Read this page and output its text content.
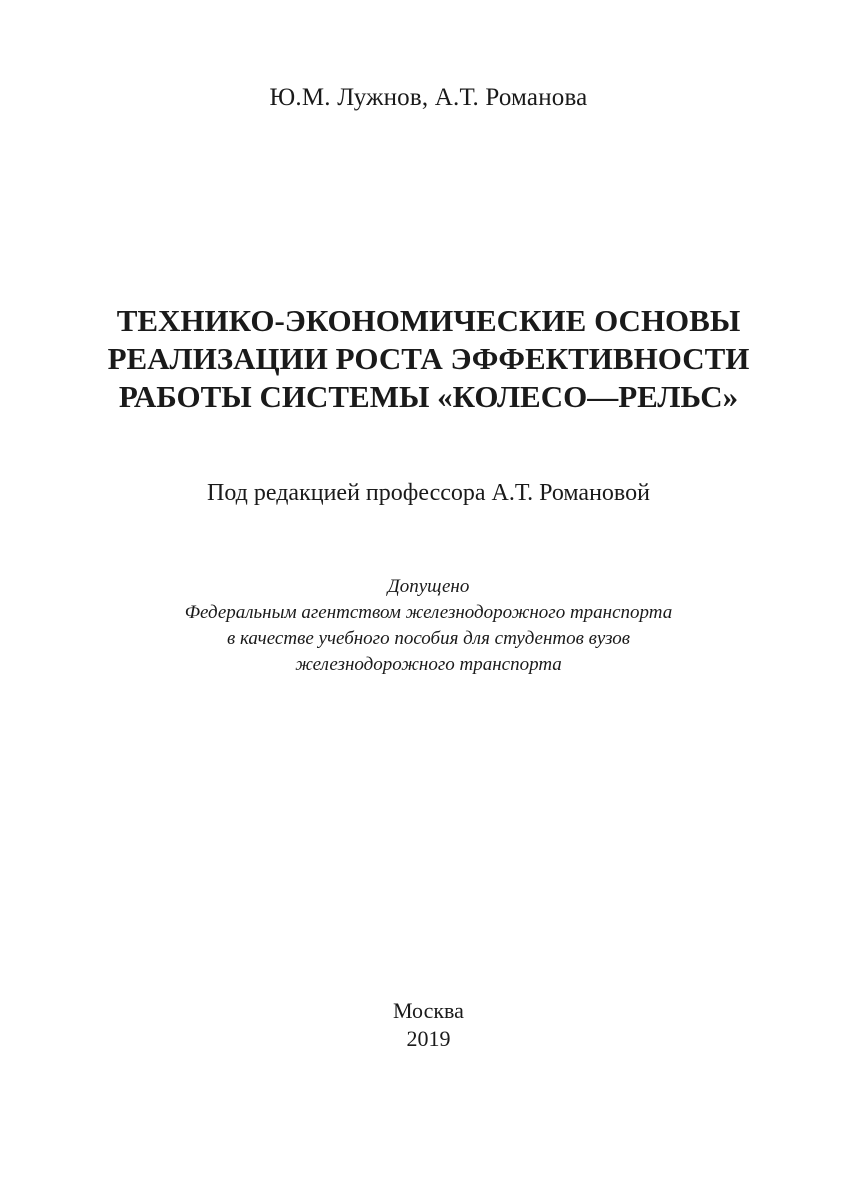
Ю.М. Лужнов, А.Т. Романова
ТЕХНИКО-ЭКОНОМИЧЕСКИЕ ОСНОВЫ
РЕАЛИЗАЦИИ РОСТА ЭФФЕКТИВНОСТИ
РАБОТЫ СИСТЕМЫ «КОЛЕСО—РЕЛЬС»
Под редакцией профессора А.Т. Романовой
Допущено
Федеральным агентством железнодорожного транспорта
в качестве учебного пособия для студентов вузов
железнодорожного транспорта
Москва
2019
